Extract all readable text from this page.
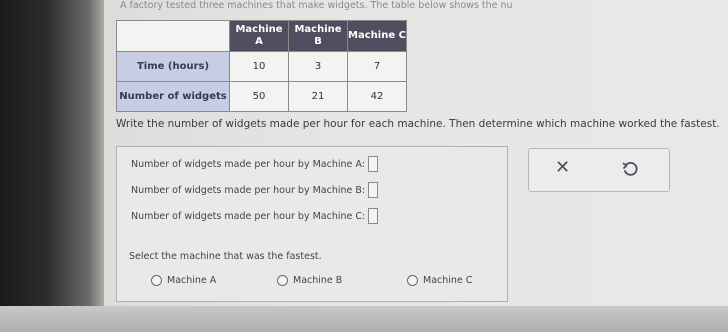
A factory tested three machines that make widgets. The table below shows the nu
	Machine A	Machine B	Machine C
Time (hours)	10	3	7
Number of widgets	50	21	42
Write the number of widgets made per hour for each machine. Then determine which machine worked the fastest.
Number of widgets made per hour by Machine A:
Number of widgets made per hour by Machine B:
Number of widgets made per hour by Machine C:
Select the machine that was the fastest.
Machine A	Machine B	Machine C
✕
